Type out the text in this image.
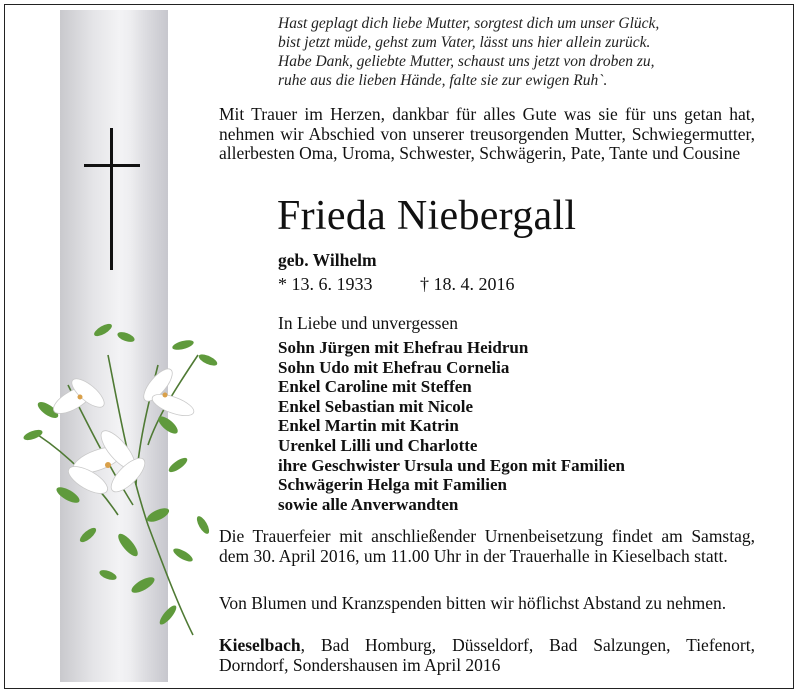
Hast geplagt dich liebe Mutter, sorgtest dich um unser Glück,
bist jetzt müde, gehst zum Vater, lässt uns hier allein zurück.
Habe Dank, geliebte Mutter, schaust uns jetzt von droben zu,
ruhe aus die lieben Hände, falte sie zur ewigen Ruh`.
Mit Trauer im Herzen, dankbar für alles Gute was sie für uns getan hat, nehmen wir Abschied von unserer treusorgenden Mutter, Schwiegermutter, allerbesten Oma, Uroma, Schwester, Schwägerin, Pate, Tante und Cousine
Frieda Niebergall
geb. Wilhelm
* 13. 6. 1933	† 18. 4. 2016
In Liebe und unvergessen
Sohn Jürgen mit Ehefrau Heidrun
Sohn Udo mit Ehefrau Cornelia
Enkel Caroline mit Steffen
Enkel Sebastian mit Nicole
Enkel Martin mit Katrin
Urenkel Lilli und Charlotte
ihre Geschwister Ursula und Egon mit Familien
Schwägerin Helga mit Familien
sowie alle Anverwandten
Die Trauerfeier mit anschließender Urnenbeisetzung findet am Samstag, dem 30. April 2016, um 11.00 Uhr in der Trauerhalle in Kieselbach statt.
Von Blumen und Kranzspenden bitten wir höflichst Abstand zu nehmen.
Kieselbach, Bad Homburg, Düsseldorf, Bad Salzungen, Tiefenort, Dorndorf, Sondershausen im April 2016
